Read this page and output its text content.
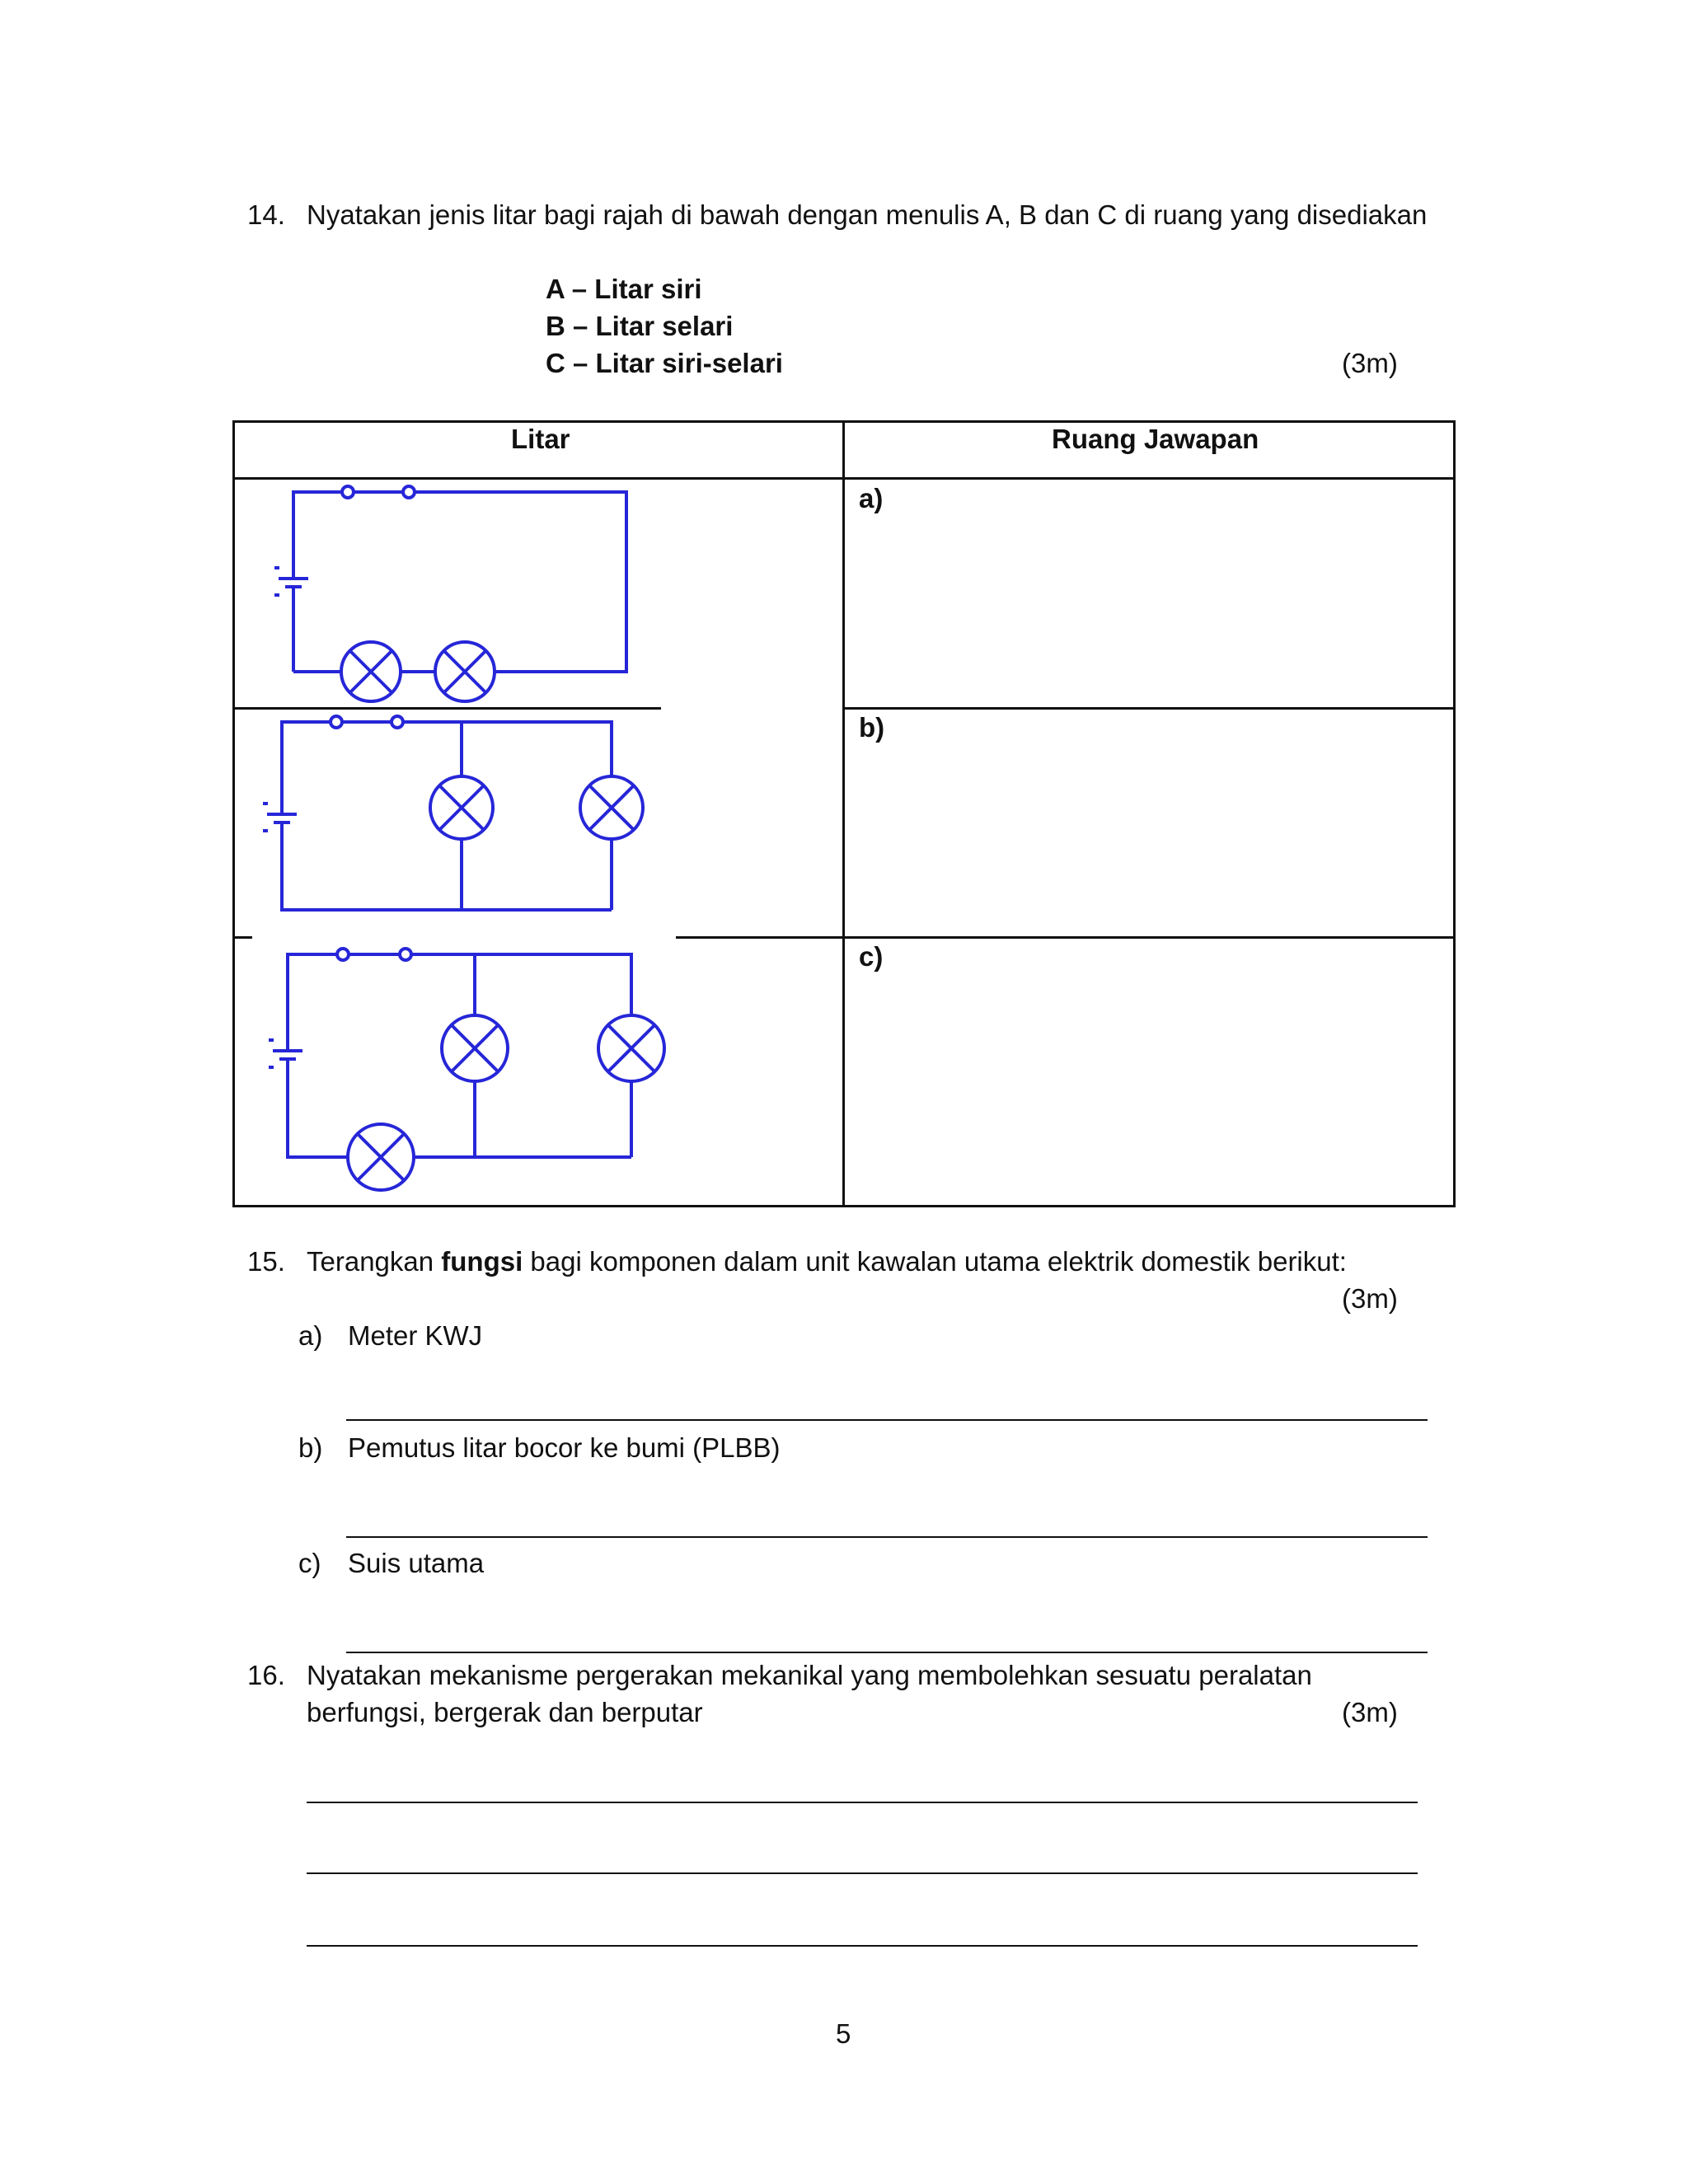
14. Nyatakan jenis litar bagi rajah di bawah dengan menulis A, B dan C di ruang yang disediakan
A – Litar siri
B – Litar selari
C – Litar siri-selari	(3m)
Litar	Ruang Jawapan
a)
b)
c)
15. Terangkan fungsi bagi komponen dalam unit kawalan utama elektrik domestik berikut:
(3m)
a) Meter KWJ
b) Pemutus litar bocor ke bumi (PLBB)
c) Suis utama
16. Nyatakan mekanisme pergerakan mekanikal yang membolehkan sesuatu peralatan
berfungsi, bergerak dan berputar	(3m)
5
